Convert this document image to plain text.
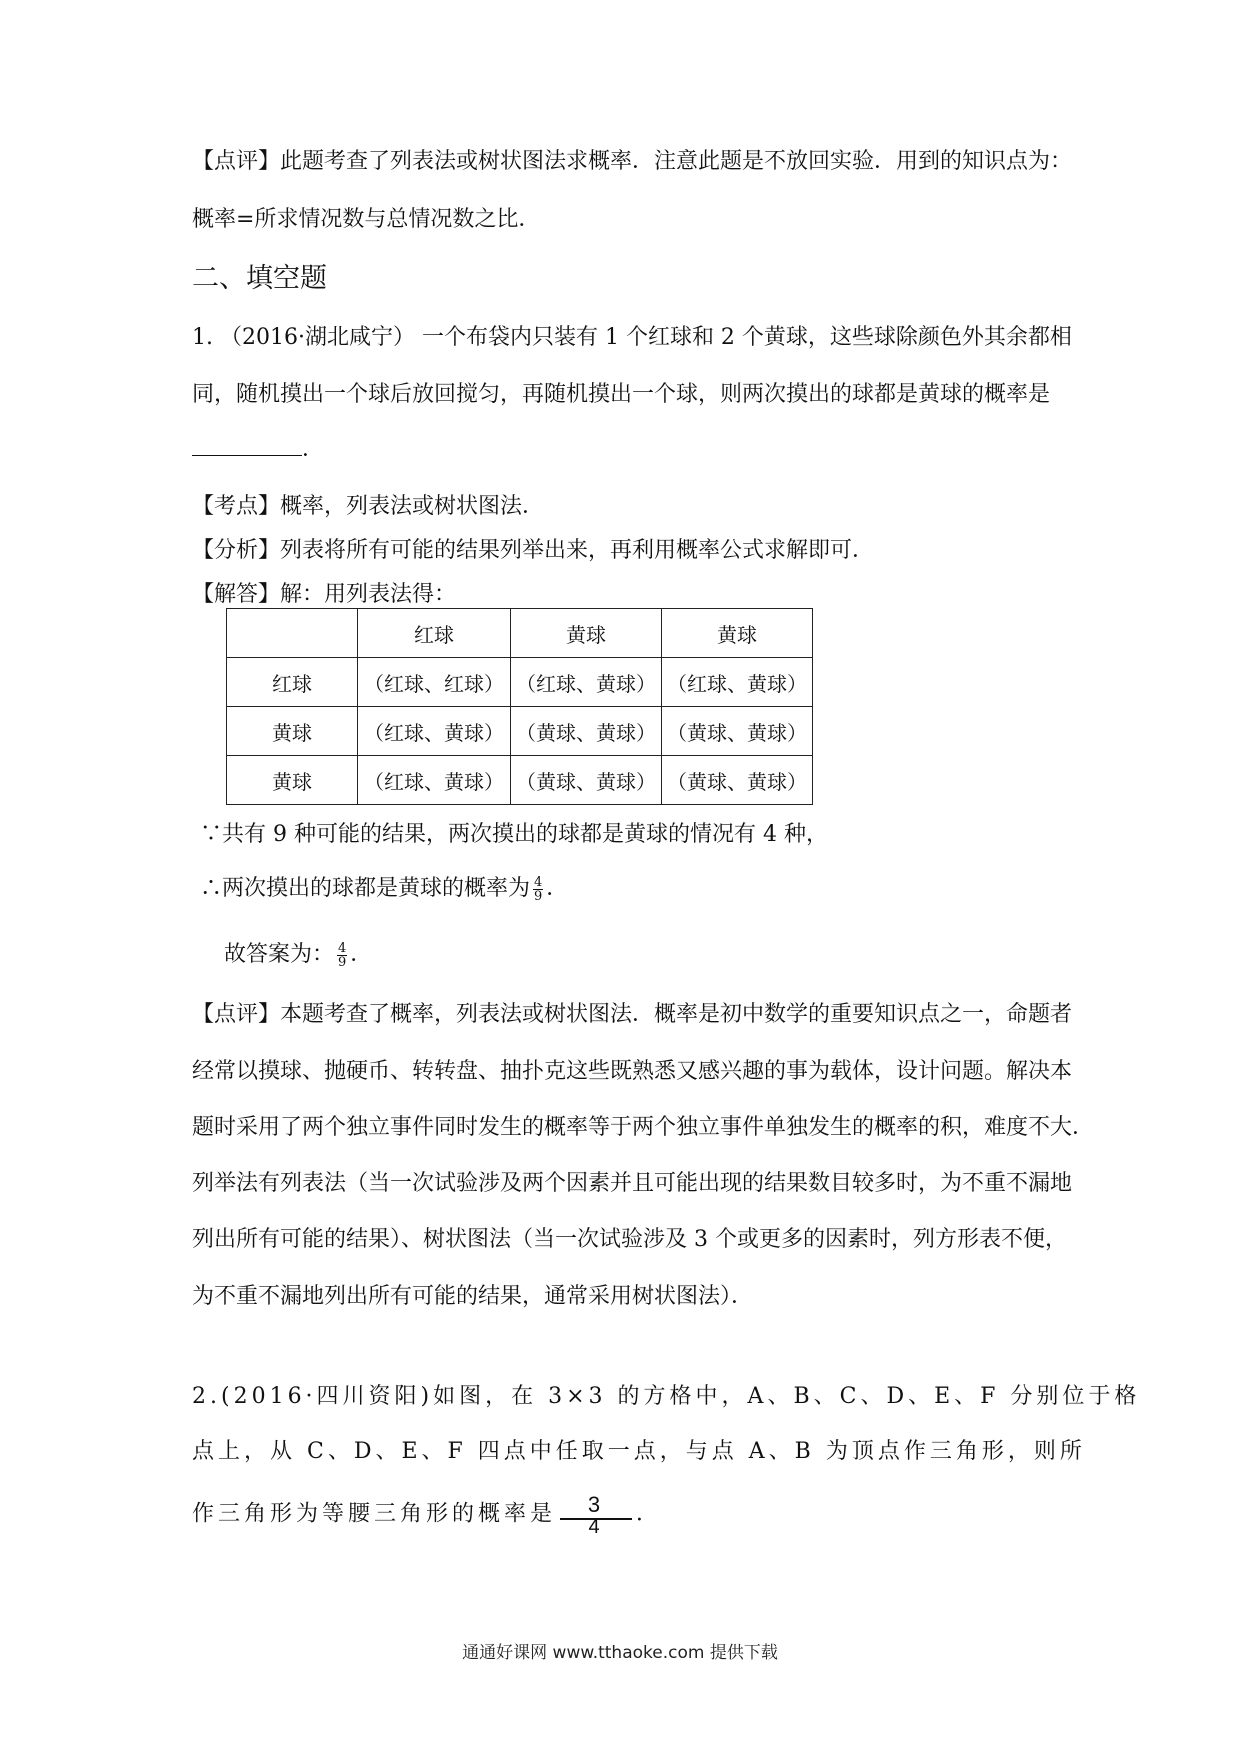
【点评】此题考查了列表法或树状图法求概率．注意此题是不放回实验．用到的知识点为：
概率=所求情况数与总情况数之比．
二、填空题
1. （2016·湖北咸宁） 一个布袋内只装有 1 个红球和 2 个黄球，这些球除颜色外其余都相
同，随机摸出一个球后放回搅匀，再随机摸出一个球，则两次摸出的球都是黄球的概率是
．
【考点】概率，列表法或树状图法．
【分析】列表将所有可能的结果列举出来，再利用概率公式求解即可．
【解答】解：用列表法得：
	红球	黄球	黄球
红球	（红球、红球）	（红球、黄球）	（红球、黄球）
黄球	（红球、黄球）	（黄球、黄球）	（黄球、黄球）
黄球	（红球、黄球）	（黄球、黄球）	（黄球、黄球）
∵共有 9 种可能的结果，两次摸出的球都是黄球的情况有 4 种，
∴两次摸出的球都是黄球的概率为 $\frac{4}{9}$ ．
故答案为： $\frac{4}{9}$ ．
【点评】本题考查了概率，列表法或树状图法．概率是初中数学的重要知识点之一，命题者
经常以摸球、抛硬币、转转盘、抽扑克这些既熟悉又感兴趣的事为载体，设计问题。解决本
题时采用了两个独立事件同时发生的概率等于两个独立事件单独发生的概率的积，难度不大．
列举法有列表法（当一次试验涉及两个因素并且可能出现的结果数目较多时，为不重不漏地
列出所有可能的结果）、树状图法（当一次试验涉及 3 个或更多的因素时，列方形表不便，
为不重不漏地列出所有可能的结果，通常采用树状图法）．
2.(2016·四川资阳)如图，在 3×3 的方格中，A、B、C、D、E、F 分别位于格
点上，从 C、D、E、F 四点中任取一点，与点 A、B 为顶点作三角形，则所
作三角形为等腰三角形的概率是 $\frac{3}{4}$ ．
通通好课网 www.tthaoke.com 提供下载
